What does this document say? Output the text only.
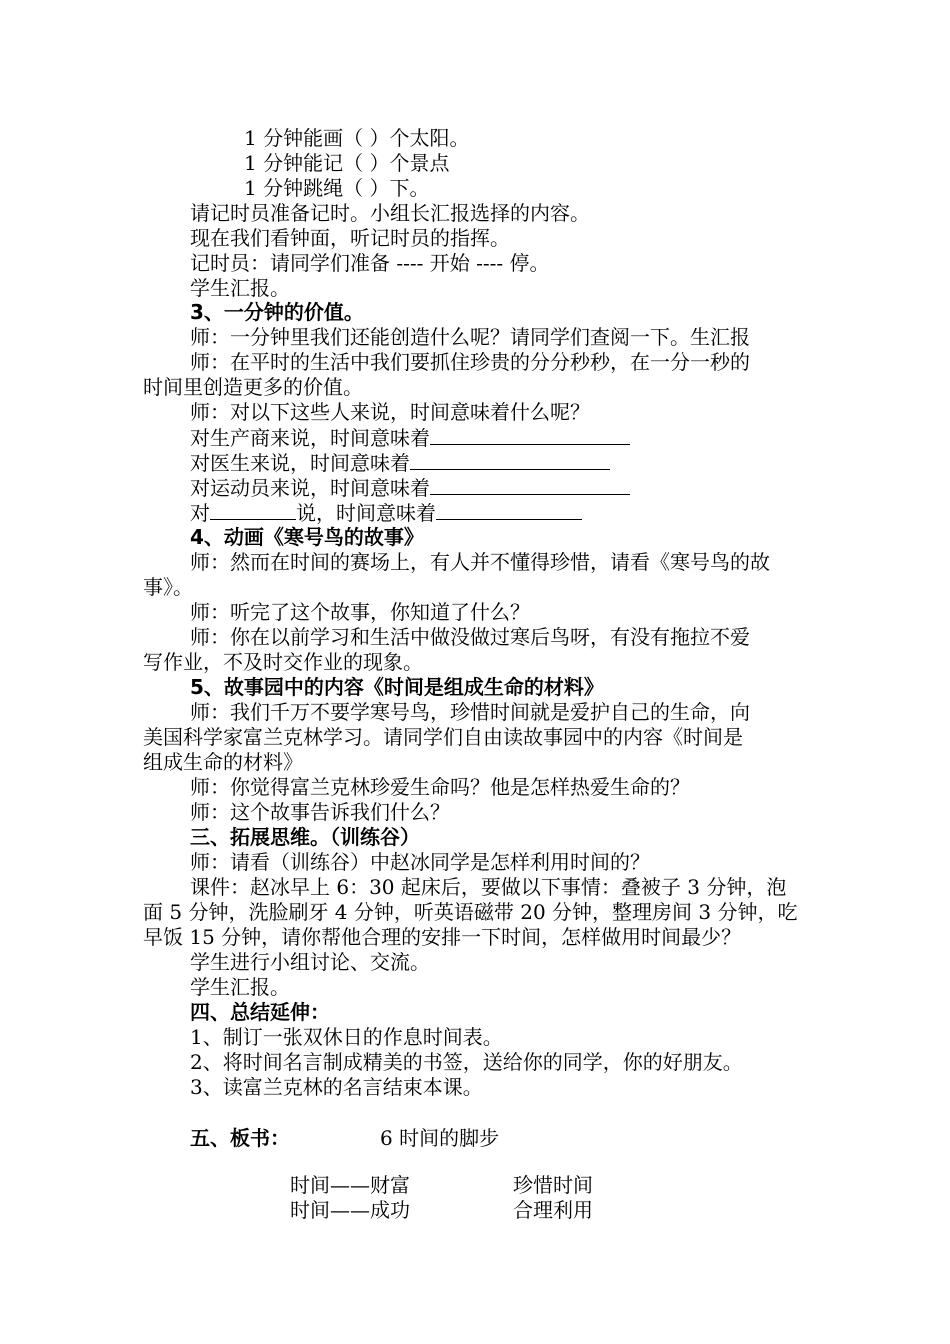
1 分钟能画（ ）个太阳。
1 分钟能记（ ）个景点
1 分钟跳绳（ ）下。
请记时员准备记时。小组长汇报选择的内容。
现在我们看钟面，听记时员的指挥。
记时员：请同学们准备 ---- 开始 ---- 停。
学生汇报。
3、一分钟的价值。
师：一分钟里我们还能创造什么呢？请同学们查阅一下。生汇报
师：在平时的生活中我们要抓住珍贵的分分秒秒，在一分一秒的
时间里创造更多的价值。
师：对以下这些人来说，时间意味着什么呢？
对生产商来说，时间意味着
对医生来说，时间意味着
对运动员来说，时间意味着
对	说，时间意味着
4、动画《寒号鸟的故事》
师：然而在时间的赛场上，有人并不懂得珍惜，请看《寒号鸟的故
事》。
师：听完了这个故事，你知道了什么？
师：你在以前学习和生活中做没做过寒后鸟呀，有没有拖拉不爱
写作业，不及时交作业的现象。
5、故事园中的内容《时间是组成生命的材料》
师：我们千万不要学寒号鸟，珍惜时间就是爱护自己的生命，向
美国科学家富兰克林学习。请同学们自由读故事园中的内容《时间是
组成生命的材料》
师：你觉得富兰克林珍爱生命吗？他是怎样热爱生命的？
师：这个故事告诉我们什么？
三、拓展思维。（训练谷）
师：请看（训练谷）中赵冰同学是怎样利用时间的？
课件：赵冰早上 6：30 起床后，要做以下事情：叠被子 3 分钟，泡
面 5 分钟，洗脸刷牙 4 分钟，听英语磁带 20 分钟，整理房间 3 分钟，吃
早饭 15 分钟，请你帮他合理的安排一下时间，怎样做用时间最少？
学生进行小组讨论、交流。
学生汇报。
四、总结延伸：
1、制订一张双休日的作息时间表。
2、将时间名言制成精美的书签，送给你的同学，你的好朋友。
3、读富兰克林的名言结束本课。
五、板书：	6 时间的脚步
时间——财富	珍惜时间
时间——成功	合理利用
